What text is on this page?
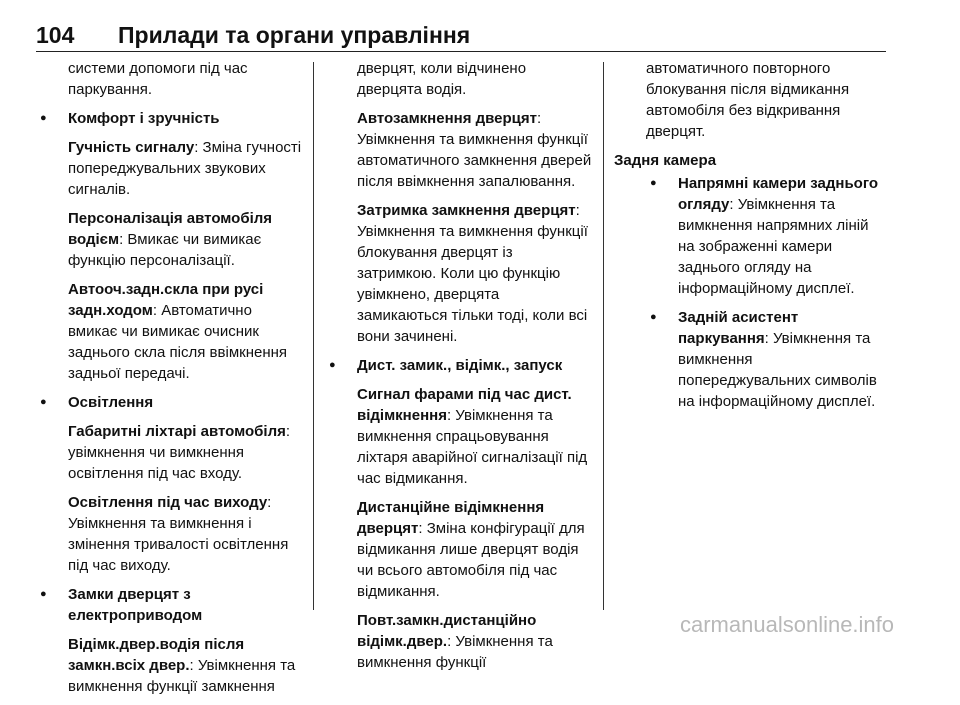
104 Прилади та органи управління
системи допомоги під час паркування.
● Комфорт і зручність
Гучність сигналу: Зміна гучності попереджувальних звукових сигналів.
Персоналізація автомобіля водієм: Вмикає чи вимикає функцію персоналізації.
Автооч.задн.скла при русі задн.ходом: Автоматично вмикає чи вимикає очисник заднього скла після ввімкнення задньої передачі.
● Освітлення
Габаритні ліхтарі автомобіля: увімкнення чи вимкнення освітлення під час входу.
Освітлення під час виходу: Увімкнення та вимкнення і змінення тривалості освітлення під час виходу.
● Замки дверцят з електроприводом
Відімк.двер.водія після замкн.всіх двер.: Увімкнення та вимкнення функції замкнення
дверцят, коли відчинено дверцята водія.
Автозамкнення дверцят: Увімкнення та вимкнення функції автоматичного замкнення дверей після ввімкнення запалювання.
Затримка замкнення дверцят: Увімкнення та вимкнення функції блокування дверцят із затримкою. Коли цю функцію увімкнено, дверцята замикаються тільки тоді, коли всі вони зачинені.
● Дист. замик., відімк., запуск
Сигнал фарами під час дист. відімкнення: Увімкнення та вимкнення спрацьовування ліхтаря аварійної сигналізації під час відмикання.
Дистанційне відімкнення дверцят: Зміна конфігурації для відмикання лише дверцят водія чи всього автомобіля під час відмикання.
Повт.замкн.дистанційно відімк.двер.: Увімкнення та вимкнення функції
автоматичного повторного блокування після відмикання автомобіля без відкривання дверцят.
Задня камера
● Напрямні камери заднього огляду: Увімкнення та вимкнення напрямних ліній на зображенні камери заднього огляду на інформаційному дисплеї.
● Задній асистент паркування: Увімкнення та вимкнення попереджувальних символів на інформаційному дисплеї.
carmanualsonline.info
